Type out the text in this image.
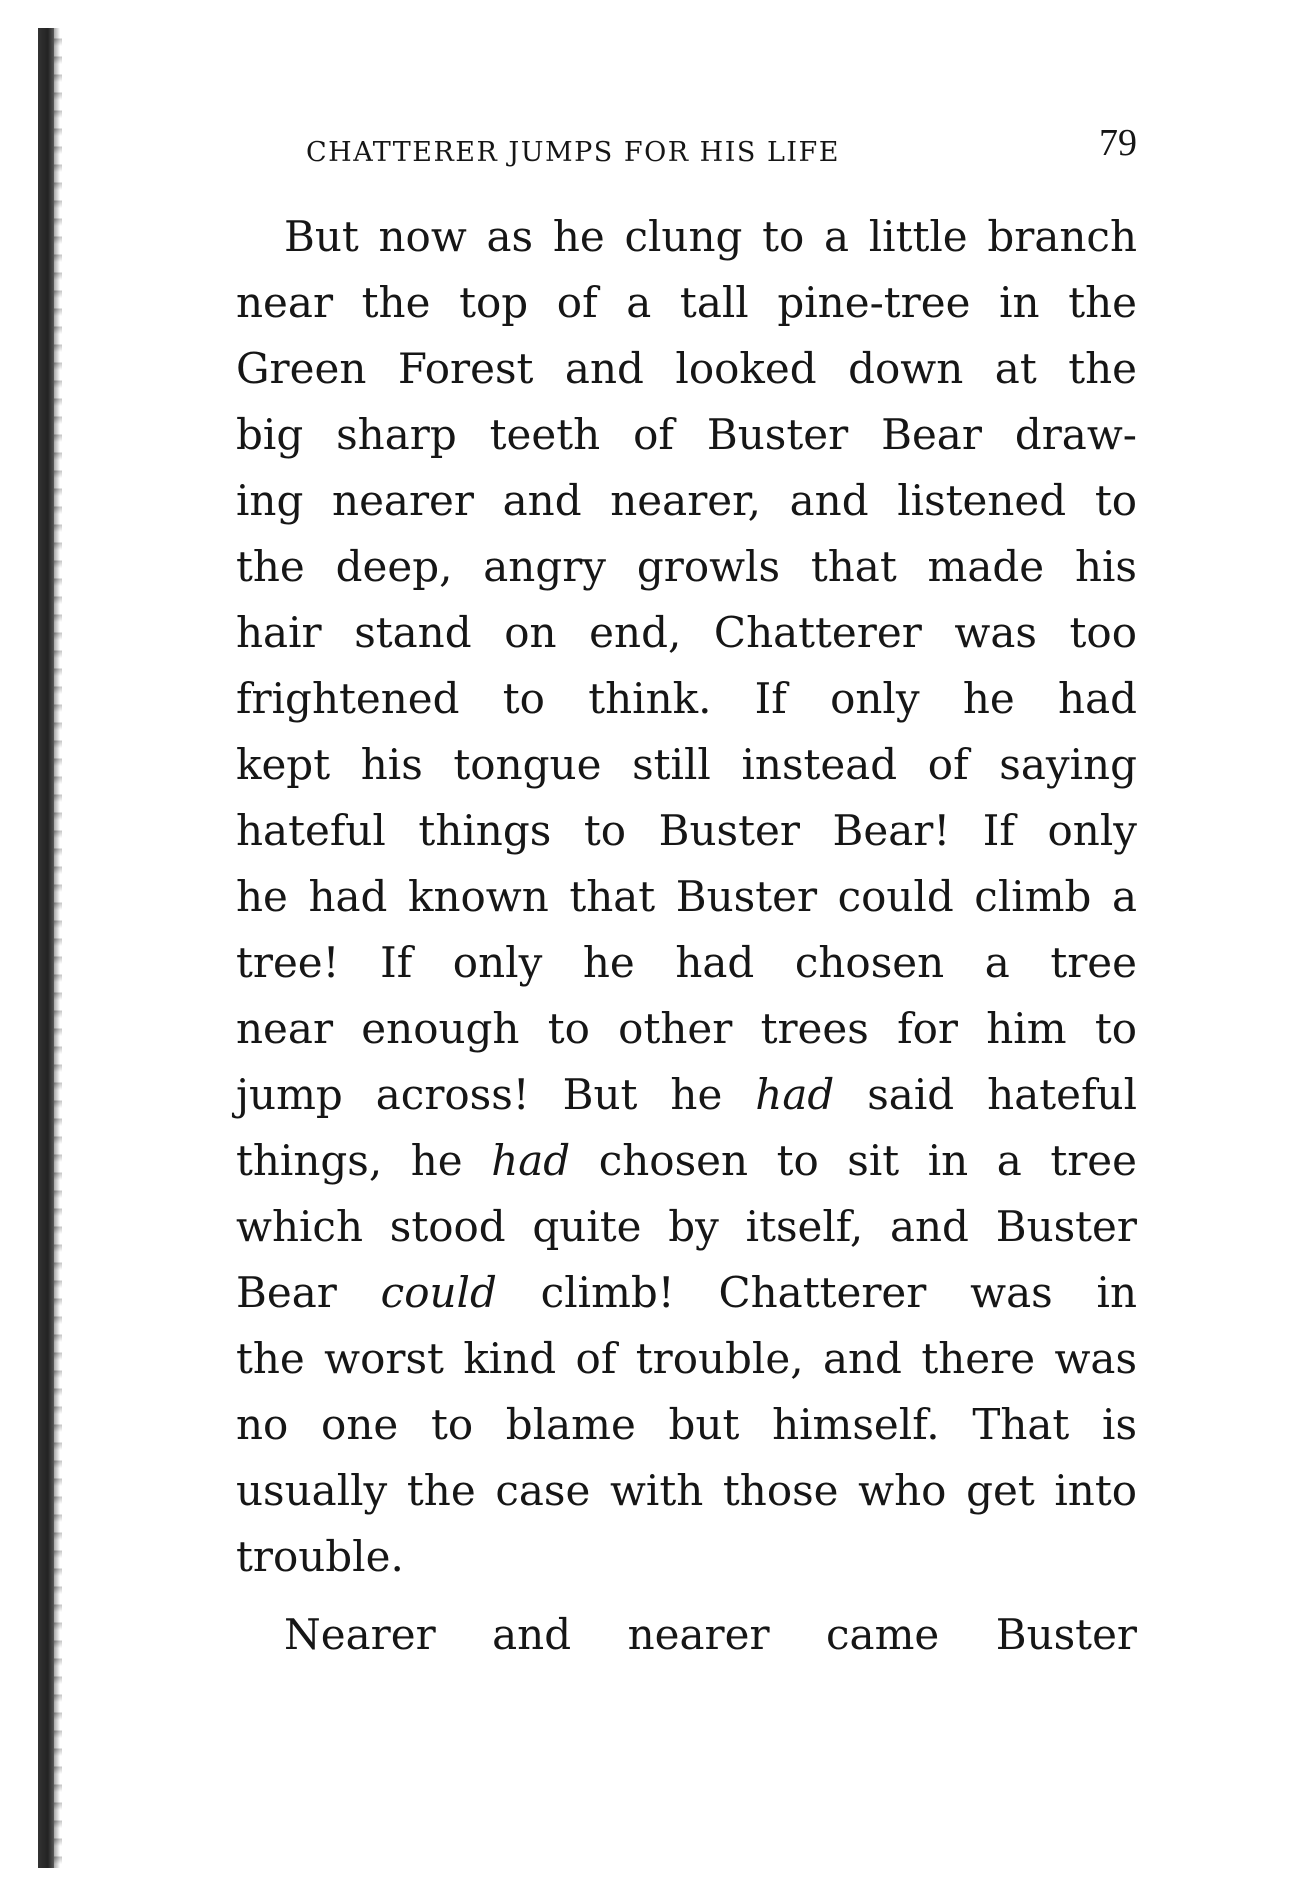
CHATTERER JUMPS FOR HIS LIFE	79
But now as he clung to a little branch
near the top of a tall pine-tree in the
Green Forest and looked down at the
big sharp teeth of Buster Bear draw-
ing nearer and nearer, and listened to
the deep, angry growls that made his
hair stand on end, Chatterer was too
frightened to think. If only he had
kept his tongue still instead of saying
hateful things to Buster Bear! If only
he had known that Buster could climb a
tree! If only he had chosen a tree
near enough to other trees for him to
jump across! But he had said hateful
things, he had chosen to sit in a tree
which stood quite by itself, and Buster
Bear could climb! Chatterer was in
the worst kind of trouble, and there was
no one to blame but himself. That is
usually the case with those who get into
trouble.
Nearer and nearer came Buster
